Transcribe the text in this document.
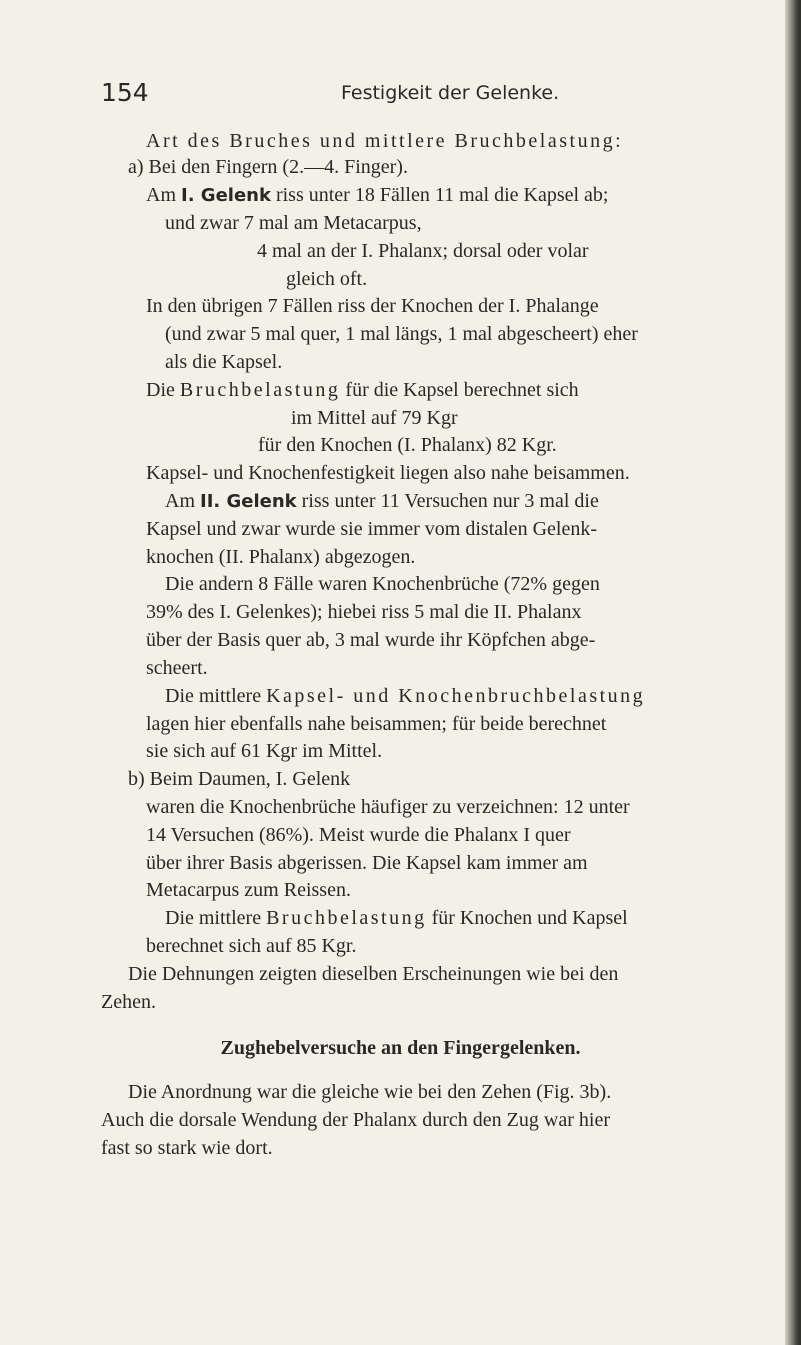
154	Festigkeit der Gelenke.
Art des Bruches und mittlere Bruchbelastung:
a) Bei den Fingern (2.—4. Finger).
Am I. Gelenk riss unter 18 Fällen 11 mal die Kapsel ab;
und zwar 7 mal am Metacarpus,
4 mal an der I. Phalanx; dorsal oder volar
gleich oft.
In den übrigen 7 Fällen riss der Knochen der I. Phalange
(und zwar 5 mal quer, 1 mal längs, 1 mal abgescheert) eher
als die Kapsel.
Die Bruchbelastung für die Kapsel berechnet sich
im Mittel auf 79 Kgr
für den Knochen (I. Phalanx) 82 Kgr.
Kapsel- und Knochenfestigkeit liegen also nahe beisammen.
Am II. Gelenk riss unter 11 Versuchen nur 3 mal die
Kapsel und zwar wurde sie immer vom distalen Gelenk-
knochen (II. Phalanx) abgezogen.
Die andern 8 Fälle waren Knochenbrüche (72% gegen
39% des I. Gelenkes); hiebei riss 5 mal die II. Phalanx
über der Basis quer ab, 3 mal wurde ihr Köpfchen abge-
scheert.
Die mittlere Kapsel- und Knochenbruchbelastung
lagen hier ebenfalls nahe beisammen; für beide berechnet
sie sich auf 61 Kgr im Mittel.
b) Beim Daumen, I. Gelenk
waren die Knochenbrüche häufiger zu verzeichnen: 12 unter
14 Versuchen (86%). Meist wurde die Phalanx I quer
über ihrer Basis abgerissen. Die Kapsel kam immer am
Metacarpus zum Reissen.
Die mittlere Bruchbelastung für Knochen und Kapsel
berechnet sich auf 85 Kgr.
Die Dehnungen zeigten dieselben Erscheinungen wie bei den
Zehen.
Zughebelversuche an den Fingergelenken.
Die Anordnung war die gleiche wie bei den Zehen (Fig. 3b).
Auch die dorsale Wendung der Phalanx durch den Zug war hier
fast so stark wie dort.
